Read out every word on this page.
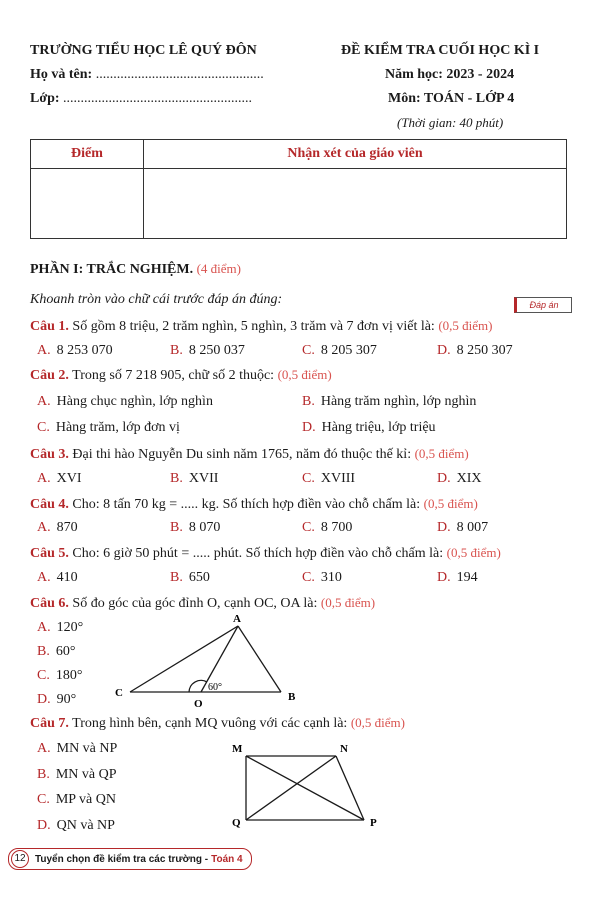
TRƯỜNG TIỂU HỌC LÊ QUÝ ĐÔN	ĐỀ KIỂM TRA CUỐI HỌC KÌ I
Họ và tên: ................................................	Năm học: 2023 - 2024
Lớp: ......................................................	Môn: TOÁN - LỚP 4
(Thời gian: 40 phút)
Điểm	Nhận xét của giáo viên

PHẦN I: TRẮC NGHIỆM. (4 điểm)
Khoanh tròn vào chữ cái trước đáp án đúng:	Đáp án
Câu 1. Số gồm 8 triệu, 2 trăm nghìn, 5 nghìn, 3 trăm và 7 đơn vị viết là: (0,5 điểm)
A. 8 253 070	B. 8 250 037	C. 8 205 307	D. 8 250 307
Câu 2. Trong số 7 218 905, chữ số 2 thuộc: (0,5 điểm)
A. Hàng chục nghìn, lớp nghìn	B. Hàng trăm nghìn, lớp nghìn
C. Hàng trăm, lớp đơn vị	D. Hàng triệu, lớp triệu
Câu 3. Đại thi hào Nguyễn Du sinh năm 1765, năm đó thuộc thế kỉ: (0,5 điểm)
A. XVI	B. XVII	C. XVIII	D. XIX
Câu 4. Cho: 8 tấn 70 kg = ..... kg. Số thích hợp điền vào chỗ chấm là: (0,5 điểm)
A. 870	B. 8 070	C. 8 700	D. 8 007
Câu 5. Cho: 6 giờ 50 phút = ..... phút. Số thích hợp điền vào chỗ chấm là: (0,5 điểm)
A. 410	B. 650	C. 310	D. 194
Câu 6. Số đo góc của góc đỉnh O, cạnh OC, OA là: (0,5 điểm)
A. 120°
B. 60°
C. 180°
D. 90°
A
C
O
B
60°
Câu 7. Trong hình bên, cạnh MQ vuông với các cạnh là: (0,5 điểm)
A. MN và NP
B. MN và QP
C. MP và QN
D. QN và NP
M	N
P
Q
12 Tuyển chọn đề kiểm tra các trường - Toán 4
